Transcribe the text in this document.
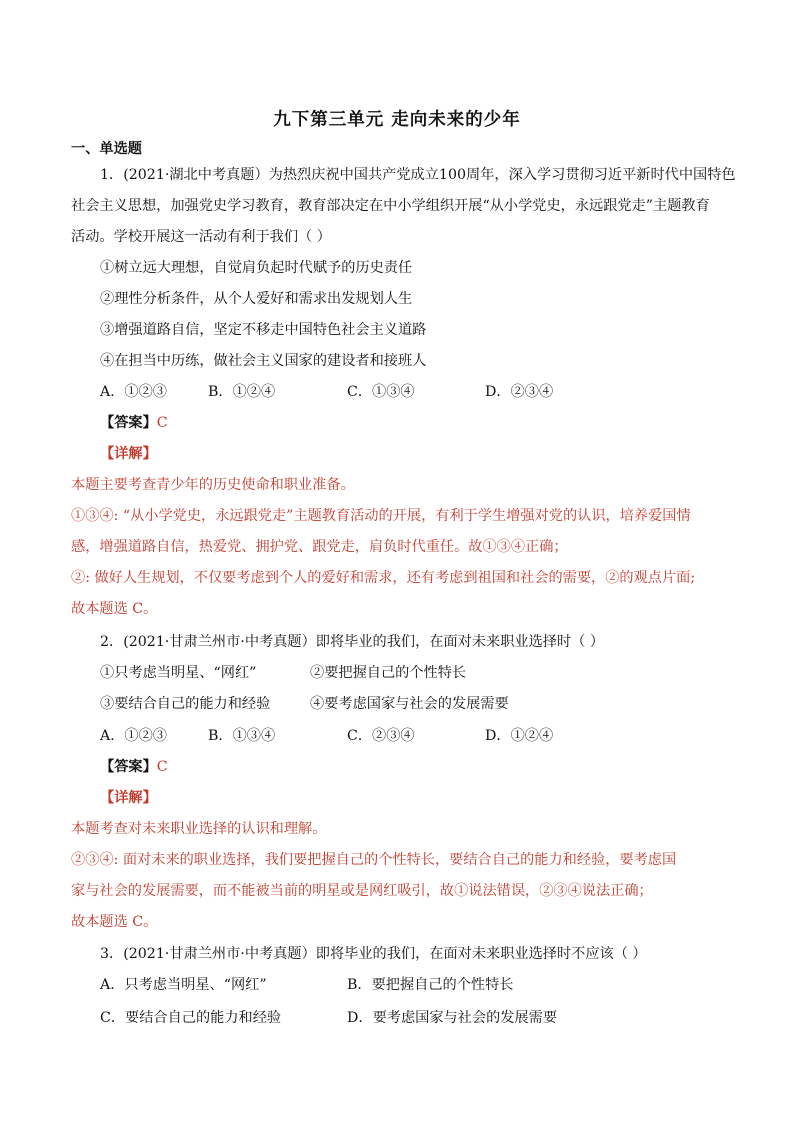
九下第三单元 走向未来的少年
一、单选题
1．(2021·湖北中考真题）为热烈庆祝中国共产党成立100周年，深入学习贯彻习近平新时代中国特色
社会主义思想，加强党史学习教育，教育部决定在中小学组织开展“从小学党史，永远跟党走”主题教育
活动。学校开展这一活动有利于我们（ ）
①树立远大理想，自觉肩负起时代赋予的历史责任
②理性分析条件，从个人爱好和需求出发规划人生
③增强道路自信，坚定不移走中国特色社会主义道路
④在担当中历练，做社会主义国家的建设者和接班人
A．①②③	B．①②④	C．①③④	D．②③④
【答案】C
【详解】
本题主要考查青少年的历史使命和职业准备。
①③④: “从小学党史，永远跟党走”主题教育活动的开展，有利于学生增强对党的认识，培养爱国情
感，增强道路自信，热爱党、拥护党、跟党走，肩负时代重任。故①③④正确；
②: 做好人生规划，不仅要考虑到个人的爱好和需求，还有考虑到祖国和社会的需要，②的观点片面;
故本题选 C。
2．(2021·甘肃兰州市·中考真题）即将毕业的我们，在面对未来职业选择时（ ）
①只考虑当明星、“网红”	②要把握自己的个性特长
③要结合自己的能力和经验	④要考虑国家与社会的发展需要
A．①②③	B．①③④	C．②③④	D．①②④
【答案】C
【详解】
本题考查对未来职业选择的认识和理解。
②③④: 面对未来的职业选择，我们要把握自己的个性特长，要结合自己的能力和经验，要考虑国
家与社会的发展需要，而不能被当前的明星或是网红吸引，故①说法错误，②③④说法正确；
故本题选 C。
3．(2021·甘肃兰州市·中考真题）即将毕业的我们，在面对未来职业选择时不应该（ ）
A．只考虑当明星、“网红”	B．要把握自己的个性特长
C．要结合自己的能力和经验	D．要考虑国家与社会的发展需要
